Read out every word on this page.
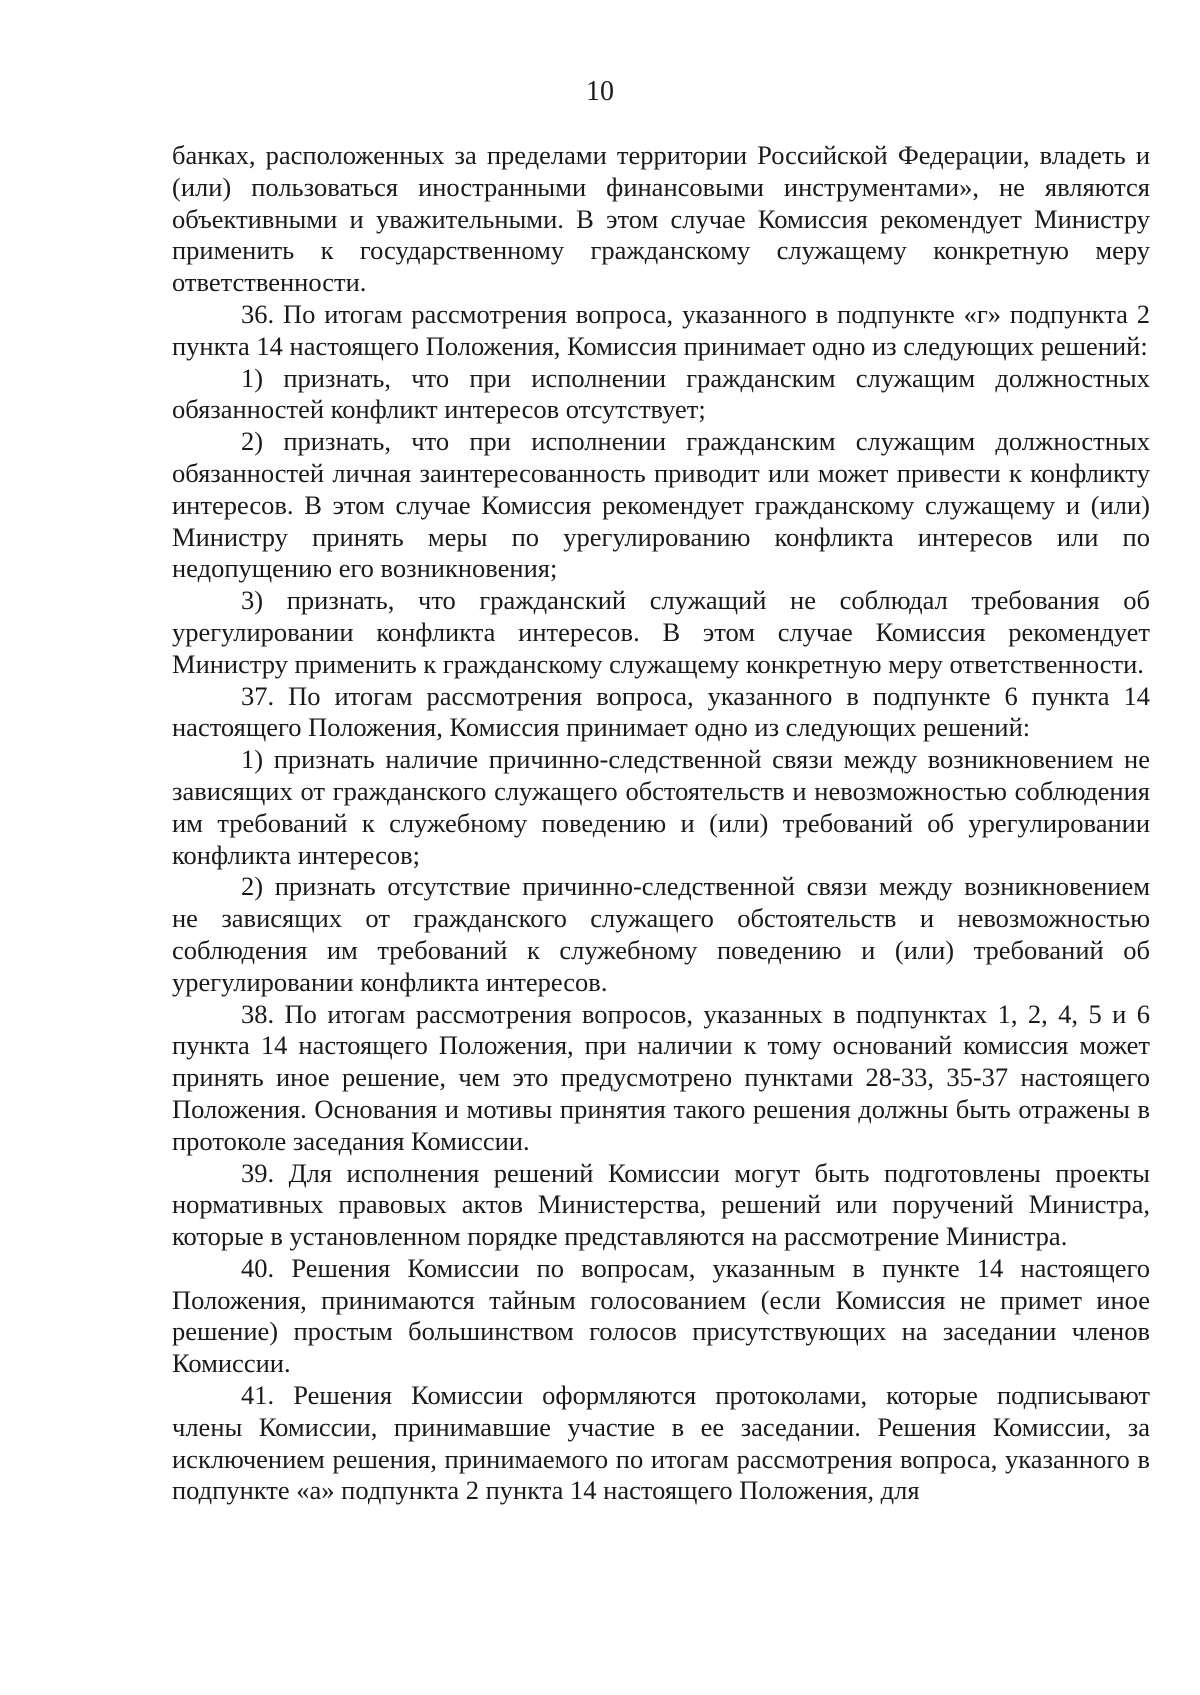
10

банках, расположенных за пределами территории Российской Федерации, владеть и (или) пользоваться иностранными финансовыми инструментами», не являются объективными и уважительными. В этом случае Комиссия рекомендует Министру применить к государственному гражданскому служащему конкретную меру ответственности.

36. По итогам рассмотрения вопроса, указанного в подпункте «г» подпункта 2 пункта 14 настоящего Положения, Комиссия принимает одно из следующих решений:

1) признать, что при исполнении гражданским служащим должностных обязанностей конфликт интересов отсутствует;

2) признать, что при исполнении гражданским служащим должностных обязанностей личная заинтересованность приводит или может привести к конфликту интересов. В этом случае Комиссия рекомендует гражданскому служащему и (или) Министру принять меры по урегулированию конфликта интересов или по недопущению его возникновения;

3) признать, что гражданский служащий не соблюдал требования об урегулировании конфликта интересов. В этом случае Комиссия рекомендует Министру применить к гражданскому служащему конкретную меру ответственности.

37. По итогам рассмотрения вопроса, указанного в подпункте 6 пункта 14 настоящего Положения, Комиссия принимает одно из следующих решений:

1) признать наличие причинно-следственной связи между возникновением не зависящих от гражданского служащего обстоятельств и невозможностью соблюдения им требований к служебному поведению и (или) требований об урегулировании конфликта интересов;

2) признать отсутствие причинно-следственной связи между возникновением не зависящих от гражданского служащего обстоятельств и невозможностью соблюдения им требований к служебному поведению и (или) требований об урегулировании конфликта интересов.

38. По итогам рассмотрения вопросов, указанных в подпунктах 1, 2, 4, 5 и 6 пункта 14 настоящего Положения, при наличии к тому оснований комиссия может принять иное решение, чем это предусмотрено пунктами 28-33, 35-37 настоящего Положения. Основания и мотивы принятия такого решения должны быть отражены в протоколе заседания Комиссии.

39. Для исполнения решений Комиссии могут быть подготовлены проекты нормативных правовых актов Министерства, решений или поручений Министра, которые в установленном порядке представляются на рассмотрение Министра.

40. Решения Комиссии по вопросам, указанным в пункте 14 настоящего Положения, принимаются тайным голосованием (если Комиссия не примет иное решение) простым большинством голосов присутствующих на заседании членов Комиссии.

41. Решения Комиссии оформляются протоколами, которые подписывают члены Комиссии, принимавшие участие в ее заседании. Решения Комиссии, за исключением решения, принимаемого по итогам рассмотрения вопроса, указанного в подпункте «а» подпункта 2 пункта 14 настоящего Положения, для
